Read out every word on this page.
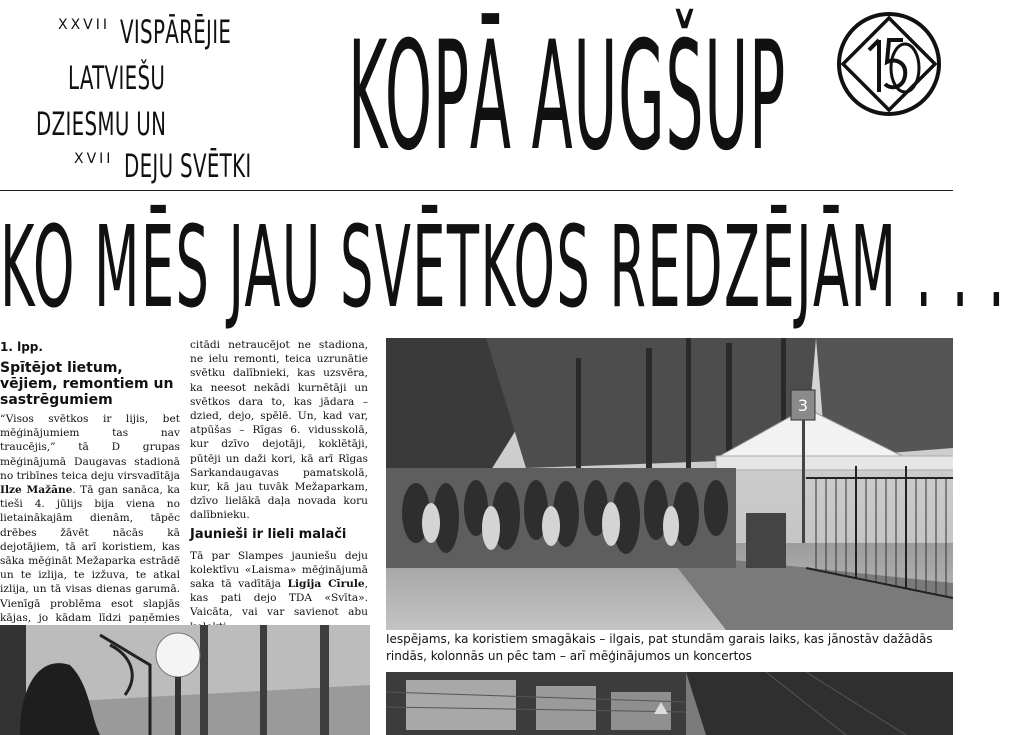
XXVII VISPĀRĒJIE
LATVIEŠU
DZIESMU UN
XVII DEJU SVĒTKI KOPĀ AUGŠUP
KO MĒS JAU SVĒTKOS REDZĒJĀM . . .

1. lpp.

Spītējot lietum, vējiem, remontiem un sastrēgumiem

“Visos svētkos ir lijis, bet mēģinājumiem tas nav traucējis,” tā D grupas mēģinājumā Daugavas stadionā no tribīnes teica deju virsvadītāja Ilze Mažāne. Tā gan sanāca, ka tieši 4. jūlijs bija viena no lietainākajām dienām, tāpēc drēbes žāvēt nācās kā dejotājiem, tā arī koristiem, kas sāka mēģināt Mežaparka estrādē un te izlija, te izžuva, te atkal izlija, un tā visas dienas garumā. Vienīgā problēma esot slapjās kājas, jo kādam līdzi paņēmies

citādi netraucējot ne stadiona, ne ielu remonti, teica uzrunātie svētku dalībnieki, kas uzsvēra, ka neesot nekādi kurnētāji un svētkos dara to, kas jādara – dzied, dejo, spēlē. Un, kad var, atpūšas – Rīgas 6. vidusskolā, kur dzīvo dejotāji, koklētāji, pūtēji un daži kori, kā arī Rīgas Sarkandaugavas pamatskolā, kur, kā jau tuvāk Mežaparkam, dzīvo lielākā daļa novada koru dalībnieku.

Jaunieši ir lieli malači

Tā par Slampes jauniešu deju kolektīvu «Laisma» mēģinājumā saka tā vadītāja Ligija Cīrule, kas pati dejo TDA «Svīta». Vaicāta, vai var savienot abu

3
Iespējams, ka koristiem smagākais – ilgais, pat stundām garais laiks, kas jānostāv dažādās rindās, kolonnās un pēc tam – arī mēģinājumos un koncertos
